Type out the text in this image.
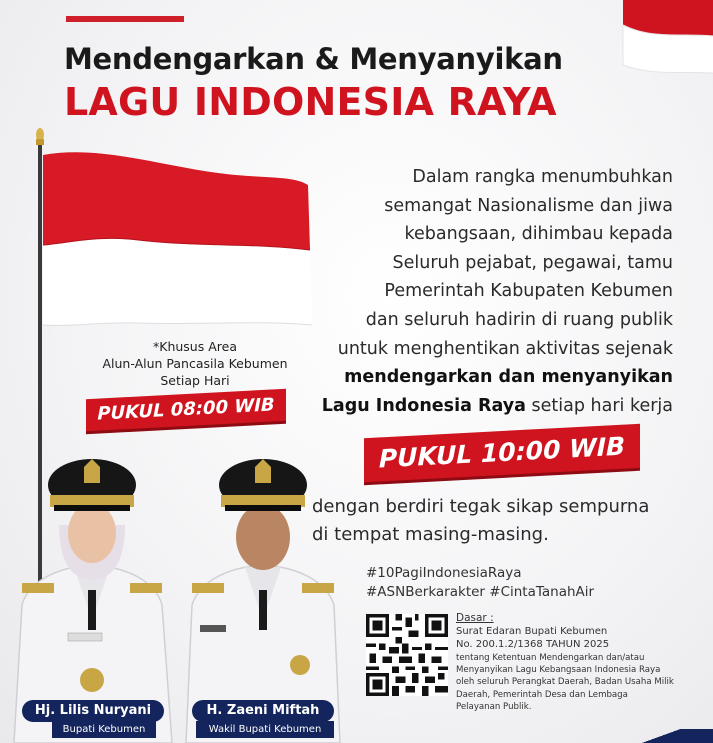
Mendengarkan & Menyanyikan
LAGU INDONESIA RAYA
*Khusus Area
Alun-Alun Pancasila Kebumen
Setiap Hari
PUKUL 08:00 WIB
Dalam rangka menumbuhkan
semangat Nasionalisme dan jiwa
kebangsaan, dihimbau kepada
Seluruh pejabat, pegawai, tamu
Pemerintah Kabupaten Kebumen
dan seluruh hadirin di ruang publik
untuk menghentikan aktivitas sejenak
mendengarkan dan menyanyikan
Lagu Indonesia Raya setiap hari kerja
PUKUL 10:00 WIB
dengan berdiri tegak sikap sempurna
di tempat masing-masing.
#10PagiIndonesiaRaya
#ASNBerkarakter #CintaTanahAir
Dasar :
Surat Edaran Bupati Kebumen
No. 200.1.2/1368 TAHUN 2025
tentang Ketentuan Mendengarkan dan/atau
Menyanyikan Lagu Kebangsaan Indonesia Raya
oleh seluruh Perangkat Daerah, Badan Usaha Milik
Daerah, Pemerintah Desa dan Lembaga
Pelayanan Publik.
Hj. Lilis Nuryani
Bupati Kebumen
H. Zaeni Miftah
Wakil Bupati Kebumen
